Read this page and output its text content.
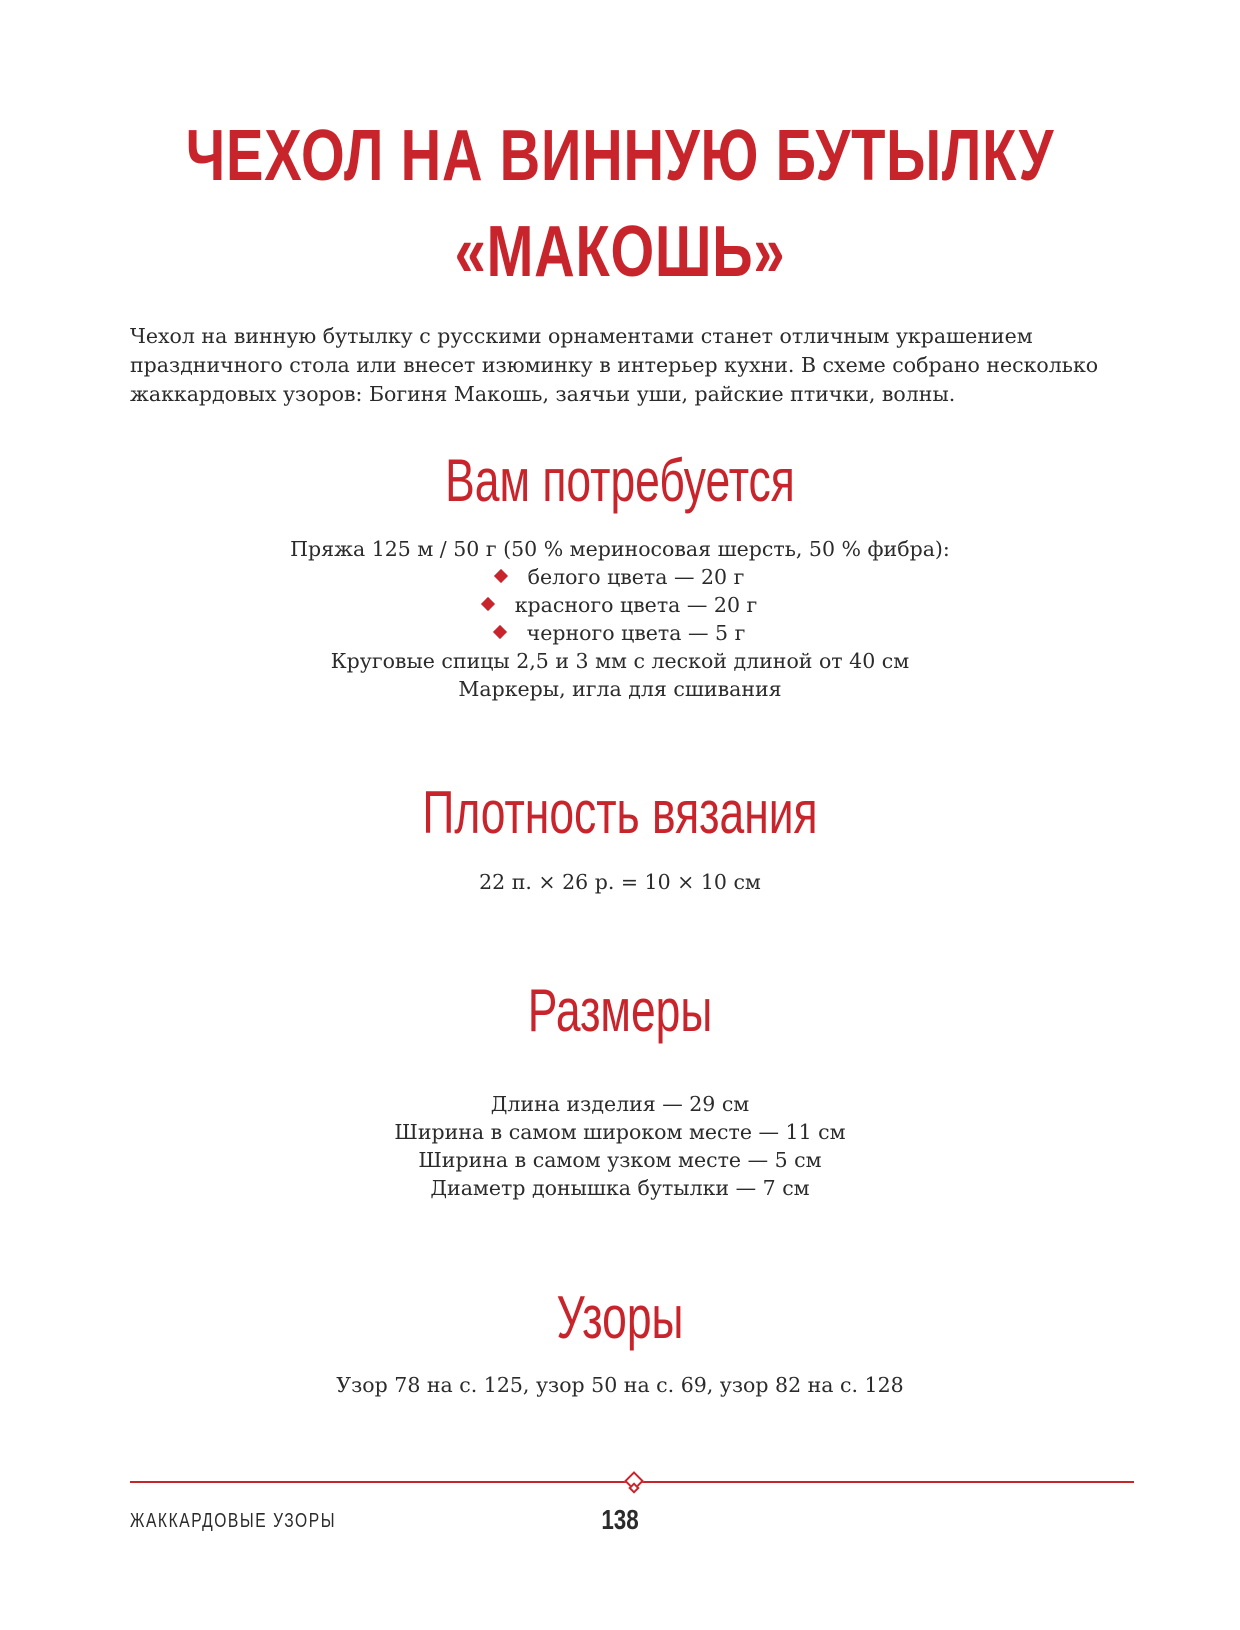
ЧЕХОЛ НА ВИННУЮ БУТЫЛКУ
«МАКОШЬ»

Чехол на винную бутылку с русскими орнаментами станет отличным украшением праздничного стола или внесет изюминку в интерьер кухни. В схеме собрано несколько жаккардовых узоров: Богиня Макошь, заячьи уши, райские птички, волны.

Вам потребуется
Пряжа 125 м / 50 г (50 % мериносовая шерсть, 50 % фибра):
белого цвета — 20 г
красного цвета — 20 г
черного цвета — 5 г
Круговые спицы 2,5 и 3 мм с леской длиной от 40 см
Маркеры, игла для сшивания
Плотность вязания
22 п. × 26 р. = 10 × 10 см
Размеры
Длина изделия — 29 см
Ширина в самом широком месте — 11 см
Ширина в самом узком месте — 5 см
Диаметр донышка бутылки — 7 см
Узоры
Узор 78 на с. 125, узор 50 на с. 69, узор 82 на с. 128
ЖАККАРДОВЫЕ УЗОРЫ	138
